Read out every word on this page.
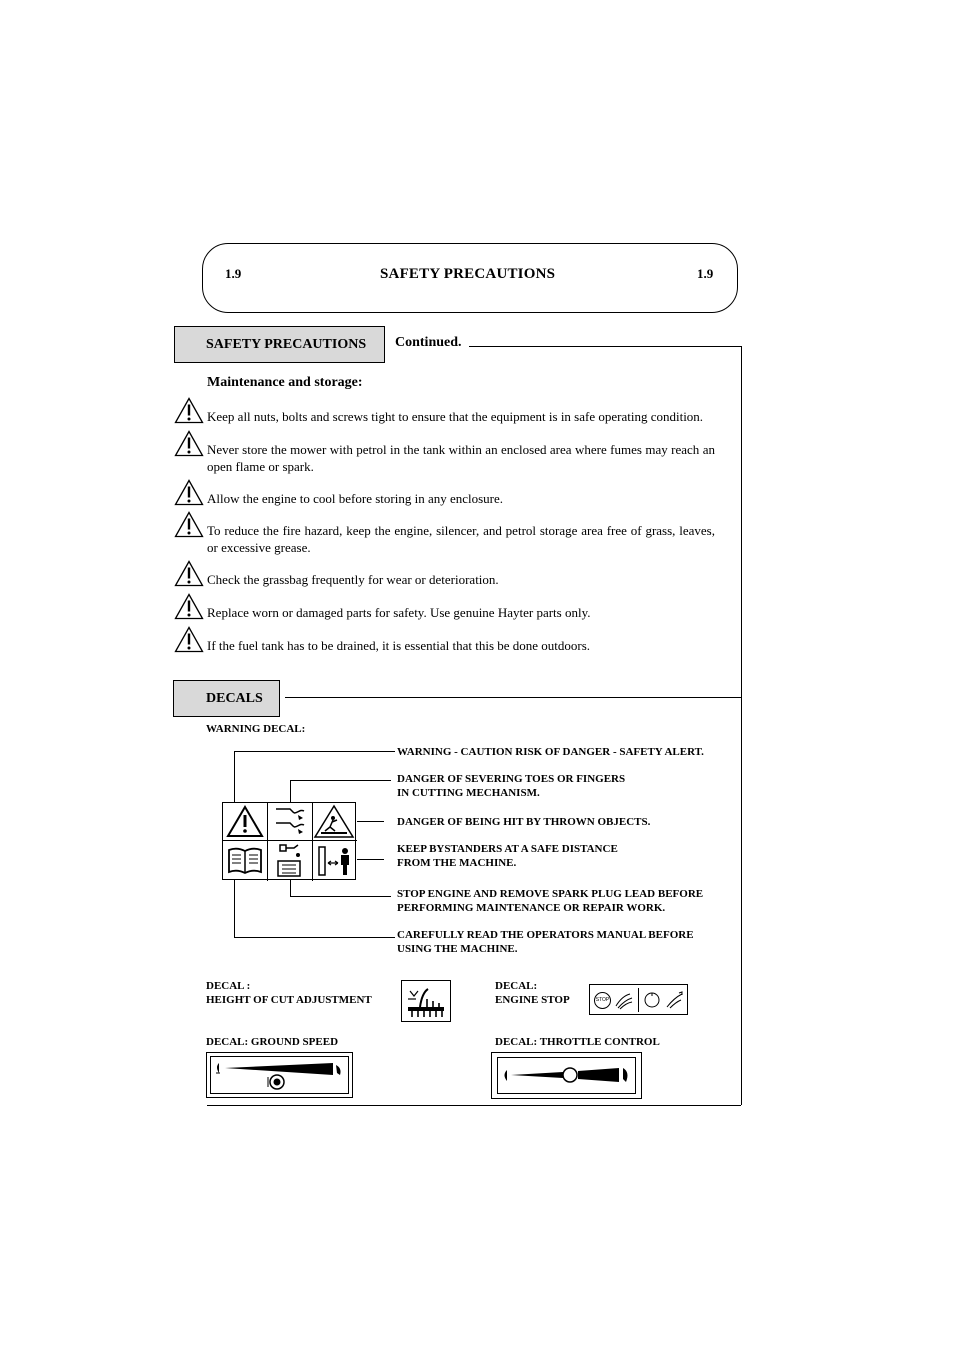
1.9	SAFETY PRECAUTIONS	1.9
SAFETY PRECAUTIONS	Continued.
Maintenance and storage:
Keep all nuts, bolts and screws tight to ensure that the equipment is in safe operating condition.
Never store the mower with petrol in the tank within an enclosed area where fumes may reach an open flame or spark.
Allow the engine to cool before storing in any enclosure.
To reduce the fire hazard, keep the engine, silencer, and petrol storage area free of grass, leaves, or excessive grease.
Check the grassbag frequently for wear or deterioration.
Replace worn or damaged parts for safety. Use genuine Hayter parts only.
If the fuel tank has to be drained, it is essential that this be done outdoors.
DECALS
WARNING DECAL:
WARNING - CAUTION RISK OF DANGER - SAFETY ALERT.
DANGER OF SEVERING TOES OR FINGERS
IN CUTTING MECHANISM.
DANGER OF BEING HIT BY THROWN OBJECTS.
KEEP BYSTANDERS AT A SAFE DISTANCE
FROM THE MACHINE.
STOP ENGINE AND REMOVE SPARK PLUG LEAD BEFORE
PERFORMING MAINTENANCE OR REPAIR WORK.
CAREFULLY READ THE OPERATORS MANUAL BEFORE
USING THE MACHINE.
DECAL :
HEIGHT OF CUT ADJUSTMENT
DECAL:
ENGINE STOP	STOP
DECAL: GROUND SPEED	DECAL: THROTTLE CONTROL
